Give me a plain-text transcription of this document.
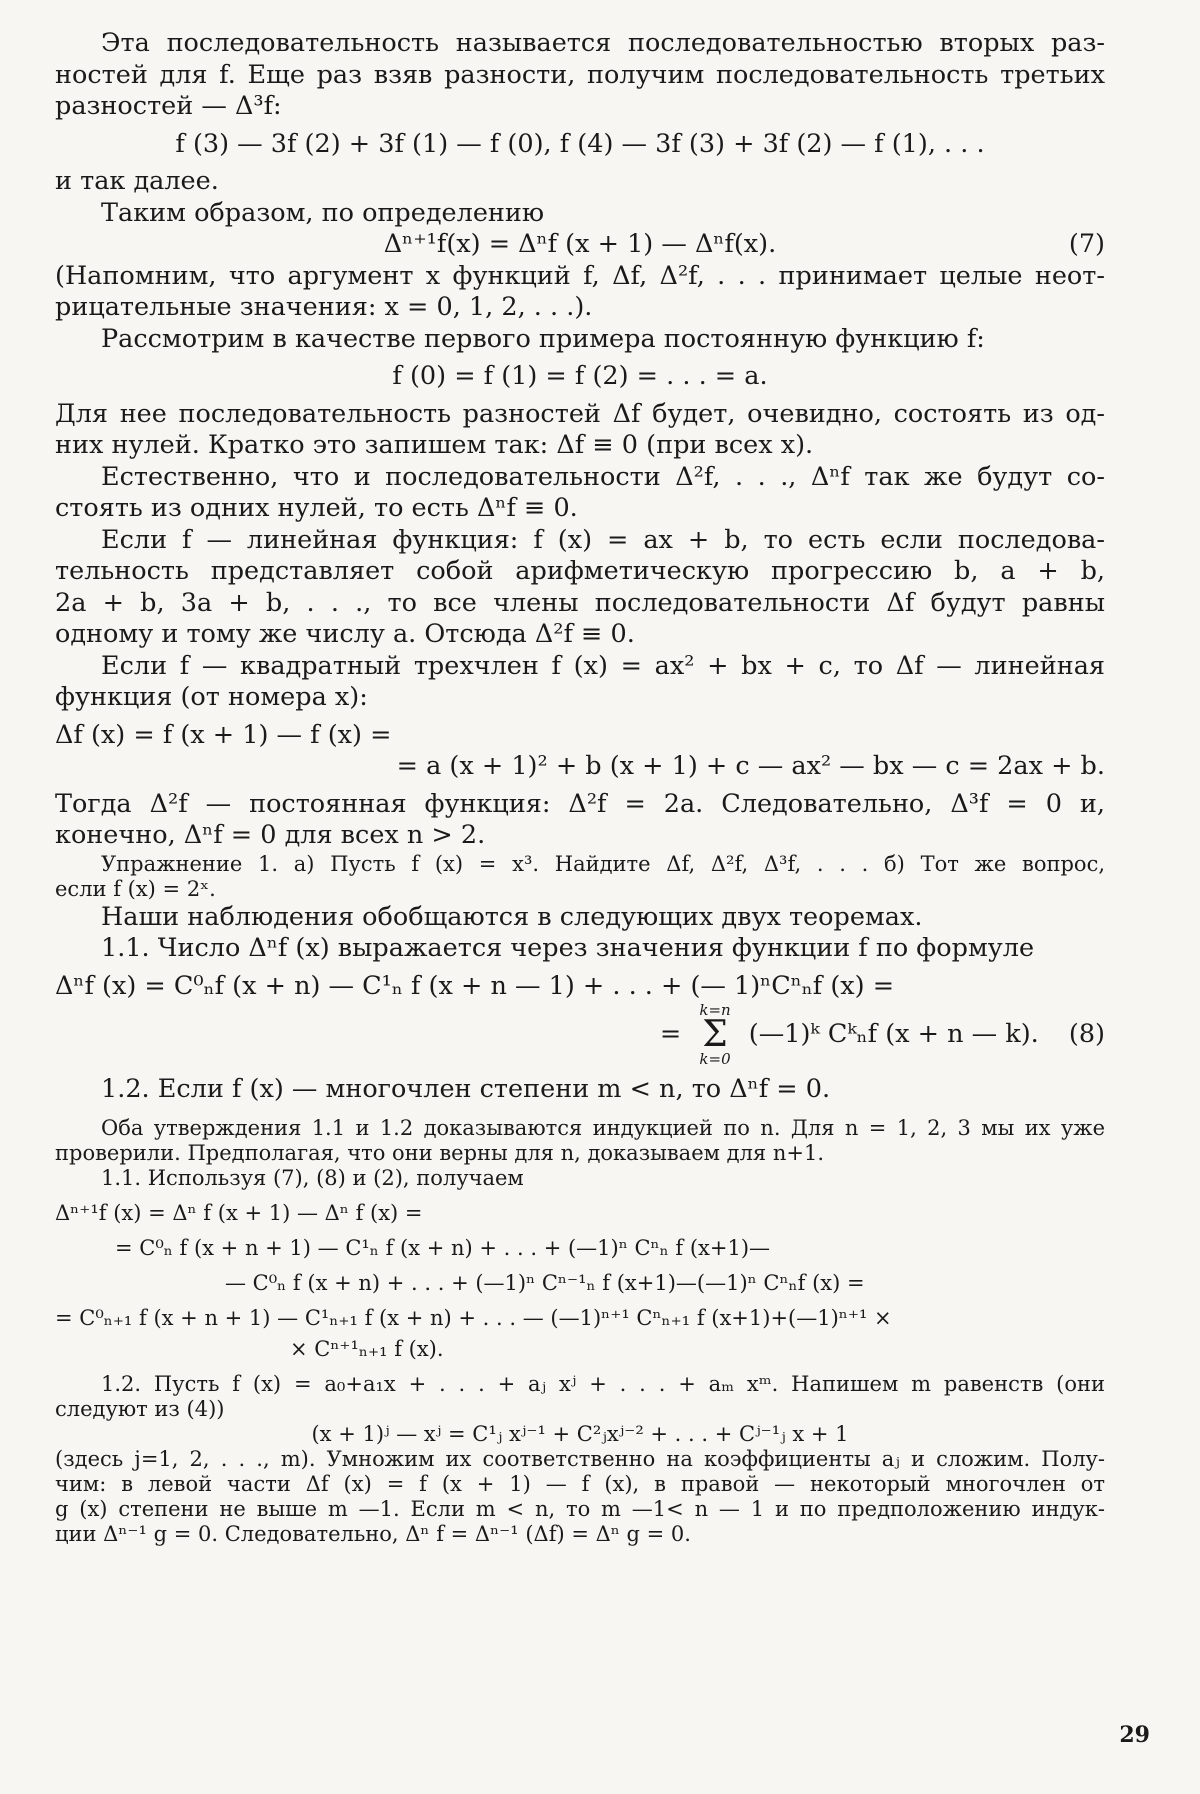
Эта последовательность называется последовательностью вторых раз-

ностей для f. Еще раз взяв разности, получим последовательность третьих

разностей — Δ³f:

f (3) — 3f (2) + 3f (1) — f (0), f (4) — 3f (3) + 3f (2) — f (1), . . .

и так далее.

Таким образом, по определению

Δⁿ⁺¹f(x) = Δⁿf (x + 1) — Δⁿf(x).	(7)

(Напомним, что аргумент x функций f, Δf, Δ²f, . . . принимает целые неот-

рицательные значения: x = 0, 1, 2, . . .).

Рассмотрим в качестве первого примера постоянную функцию f:

f (0) = f (1) = f (2) = . . . = a.

Для нее последовательность разностей Δf будет, очевидно, состоять из од-

них нулей. Кратко это запишем так: Δf ≡ 0 (при всех x).

Естественно, что и последовательности Δ²f, . . ., Δⁿf так же будут со-

стоять из одних нулей, то есть Δⁿf ≡ 0.

Если f — линейная функция: f (x) = ax + b, то есть если последова-

тельность представляет собой арифметическую прогрессию b, a + b,

2a + b, 3a + b, . . ., то все члены последовательности Δf будут равны

одному и тому же числу a. Отсюда Δ²f ≡ 0.

Если f — квадратный трехчлен f (x) = ax² + bx + c, то Δf — линейная

функция (от номера x):

Δf (x) = f (x + 1) — f (x) =

= a (x + 1)² + b (x + 1) + c — ax² — bx — c = 2ax + b.

Тогда Δ²f — постоянная функция: Δ²f = 2a. Следовательно, Δ³f = 0 и,

конечно, Δⁿf = 0 для всех n > 2.

Упражнение 1. а) Пусть f (x) = x³. Найдите Δf, Δ²f, Δ³f, . . . б) Тот же вопрос,

если f (x) = 2ˣ.

Наши наблюдения обобщаются в следующих двух теоремах.

1.1. Число Δⁿf (x) выражается через значения функции f по формуле

Δⁿf (x) = C⁰ₙf (x + n) — C¹ₙ f (x + n — 1) + . . . + (— 1)ⁿCⁿₙf (x) =

=
k=n
Σ
k=0
(—1)ᵏ Cᵏₙf (x + n — k). (8)

1.2. Если f (x) — многочлен степени m < n, то Δⁿf = 0.

Оба утверждения 1.1 и 1.2 доказываются индукцией по n. Для n = 1, 2, 3 мы их уже

проверили. Предполагая, что они верны для n, доказываем для n+1.

1.1. Используя (7), (8) и (2), получаем

Δⁿ⁺¹f (x) = Δⁿ f (x + 1) — Δⁿ f (x) =

= C⁰ₙ f (x + n + 1) — C¹ₙ f (x + n) + . . . + (—1)ⁿ Cⁿₙ f (x+1)—

— C⁰ₙ f (x + n) + . . . + (—1)ⁿ Cⁿ⁻¹ₙ f (x+1)—(—1)ⁿ Cⁿₙf (x) =

= C⁰ₙ₊₁ f (x + n + 1) — C¹ₙ₊₁ f (x + n) + . . . — (—1)ⁿ⁺¹ Cⁿₙ₊₁ f (x+1)+(—1)ⁿ⁺¹ ×

× Cⁿ⁺¹ₙ₊₁ f (x).

1.2. Пусть f (x) = a₀+a₁x + . . . + aⱼ xʲ + . . . + aₘ xᵐ. Напишем m равенств (они

следуют из (4))

(x + 1)ʲ — xʲ = C¹ⱼ xʲ⁻¹ + C²ⱼxʲ⁻² + . . . + Cʲ⁻¹ⱼ x + 1

(здесь j=1, 2, . . ., m). Умножим их соответственно на коэффициенты aⱼ и сложим. Полу-

чим: в левой части Δf (x) = f (x + 1) — f (x), в правой — некоторый многочлен от

g (x) степени не выше m —1. Если m < n, то m —1< n — 1 и по предположению индук-

ции Δⁿ⁻¹ g = 0. Следовательно, Δⁿ f = Δⁿ⁻¹ (Δf) = Δⁿ g = 0.

29
